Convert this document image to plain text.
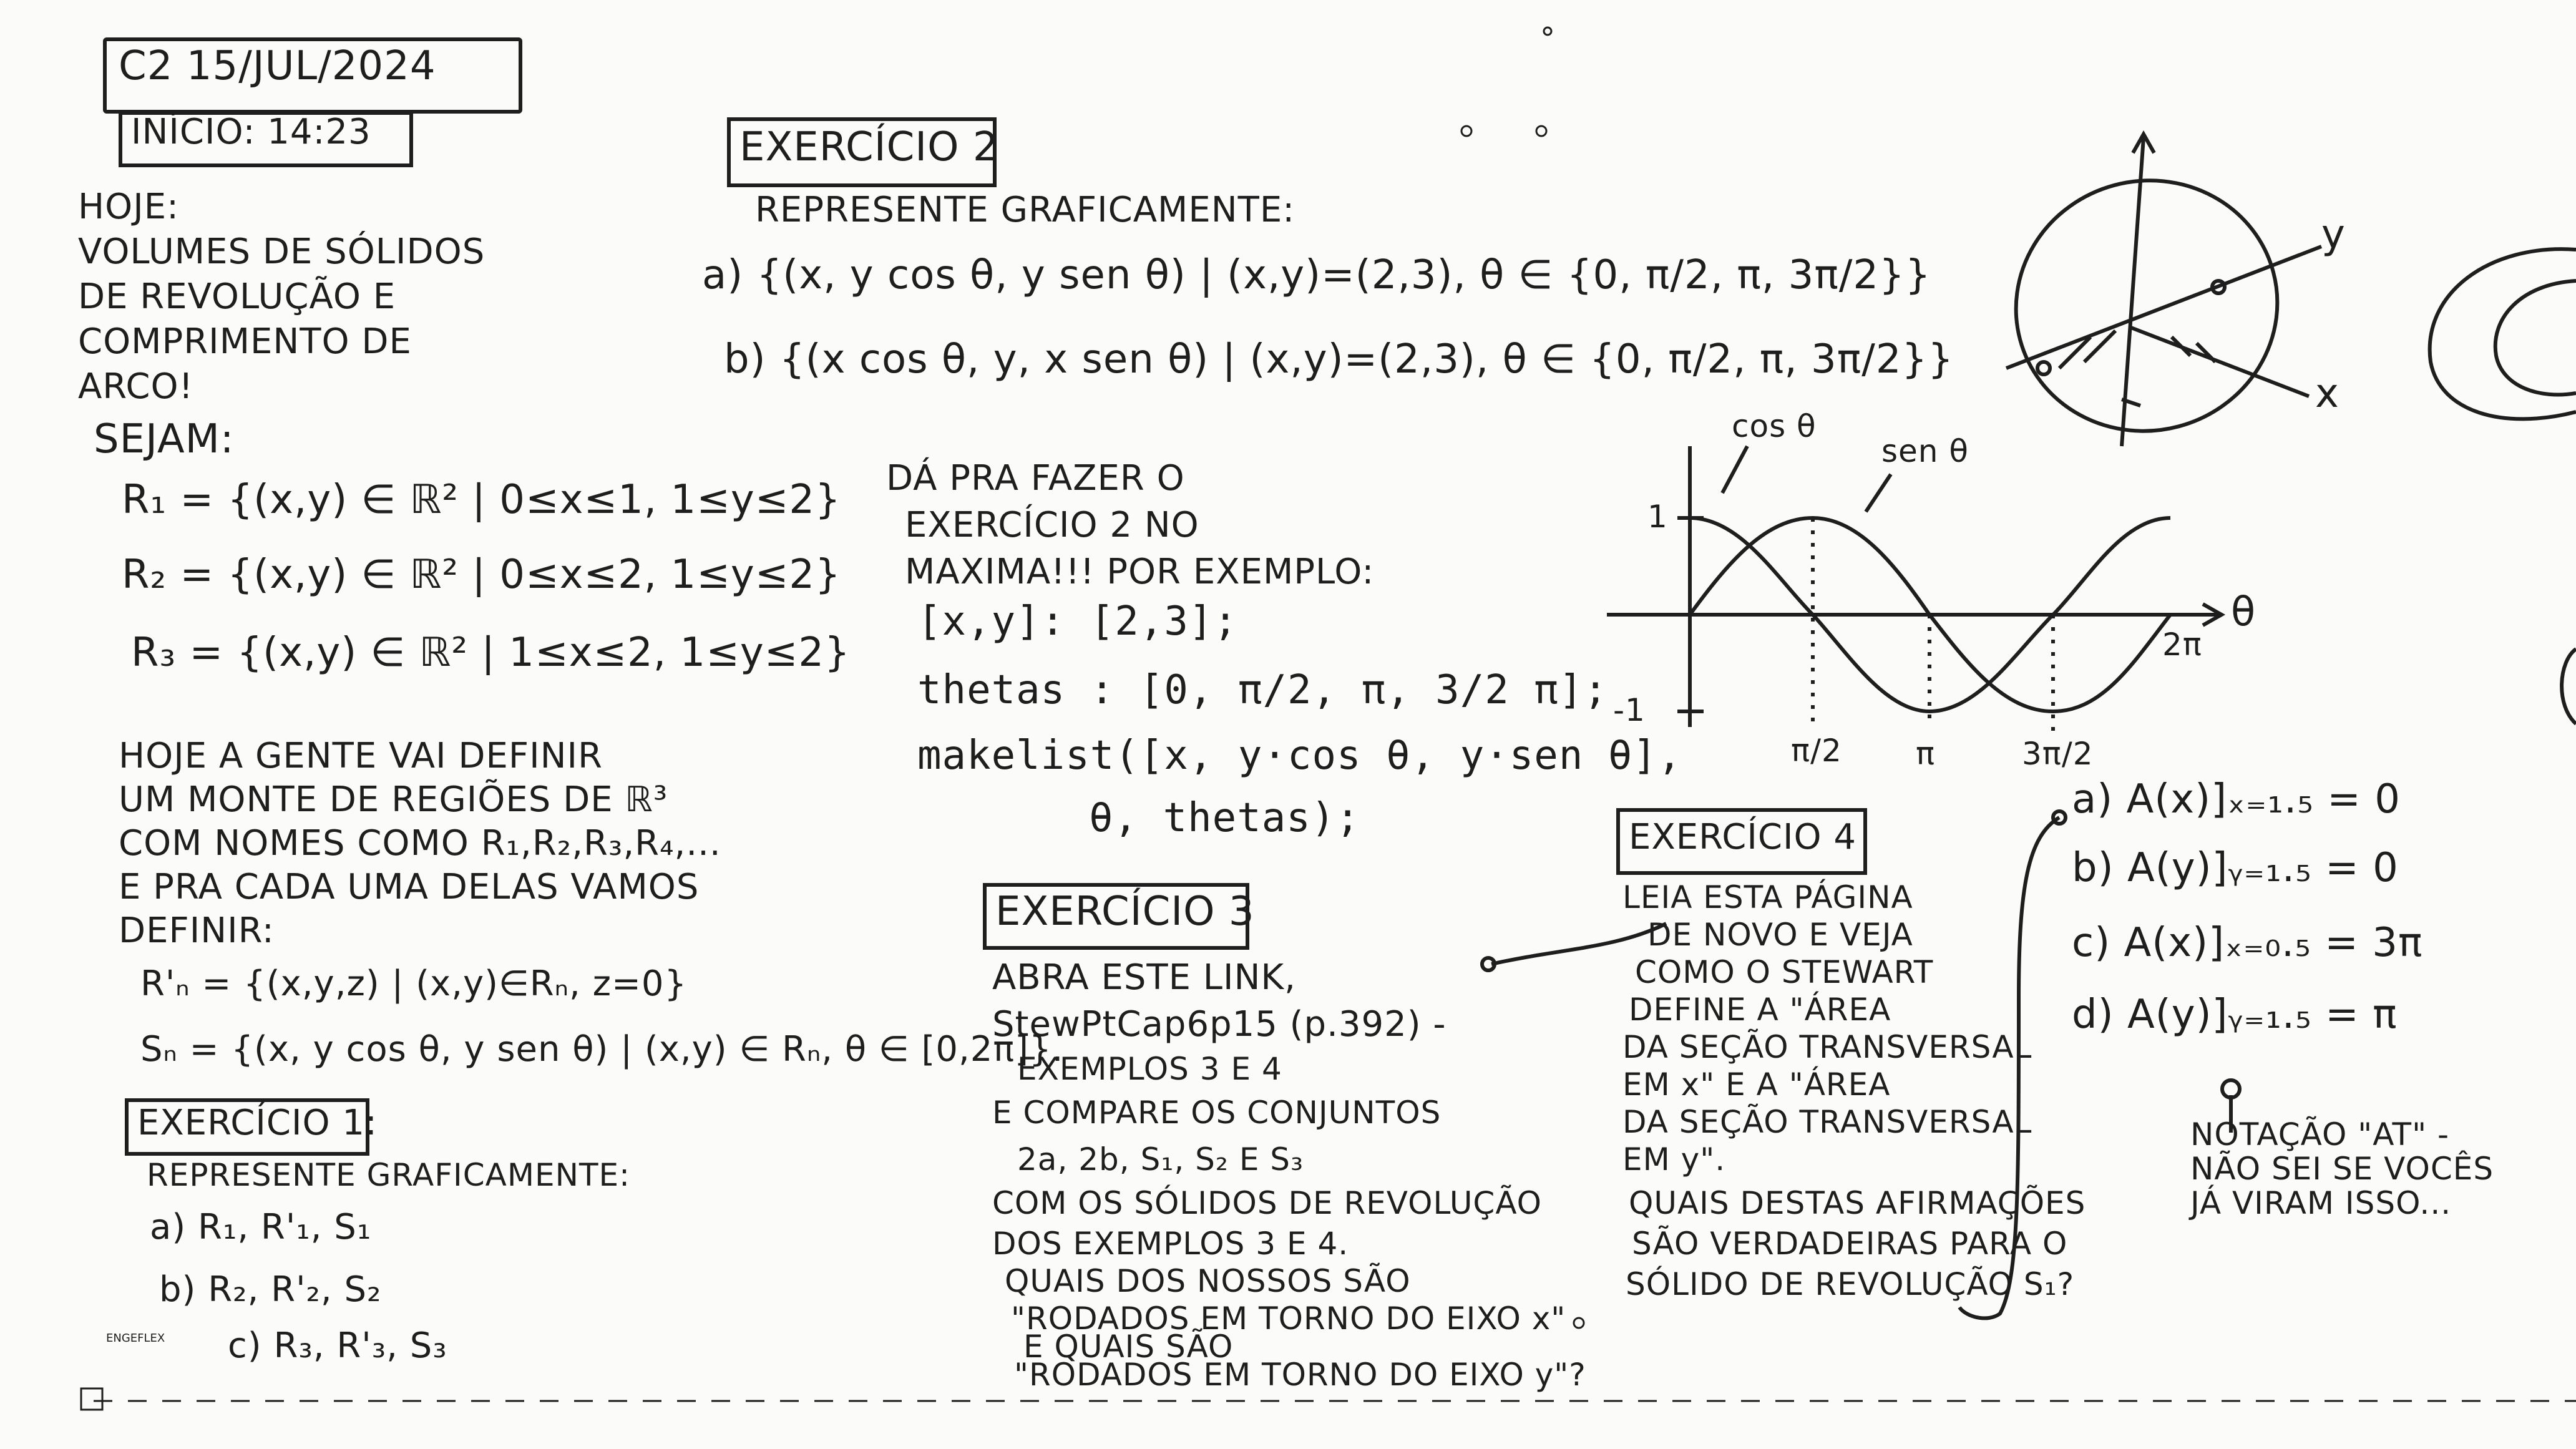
C2 15/JUL/2024
INÍCIO: 14:23
HOJE:
VOLUMES DE SÓLIDOS
DE REVOLUÇÃO E
COMPRIMENTO DE
ARCO!
SEJAM:
R₁ = {(x,y) ∈ ℝ² | 0≤x≤1, 1≤y≤2}
R₂ = {(x,y) ∈ ℝ² | 0≤x≤2, 1≤y≤2}
R₃ = {(x,y) ∈ ℝ² | 1≤x≤2, 1≤y≤2}
HOJE A GENTE VAI DEFINIR
UM MONTE DE REGIÕES DE ℝ³
COM NOMES COMO R₁,R₂,R₃,R₄,...
E PRA CADA UMA DELAS VAMOS
DEFINIR:
R'ₙ = {(x,y,z) | (x,y)∈Rₙ, z=0}
Sₙ = {(x, y cos θ, y sen θ) | (x,y) ∈ Rₙ, θ ∈ [0,2π]}.
EXERCÍCIO 1:
REPRESENTE GRAFICAMENTE:
a) R₁, R'₁, S₁
b) R₂, R'₂, S₂
c) R₃, R'₃, S₃
ENGEFLEX
EXERCÍCIO 2
REPRESENTE GRAFICAMENTE:
a) {(x, y cos θ, y sen θ) | (x,y)=(2,3), θ ∈ {0, π/2, π, 3π/2}}
b) {(x cos θ, y, x sen θ) | (x,y)=(2,3), θ ∈ {0, π/2, π, 3π/2}}
DÁ PRA FAZER O
EXERCÍCIO 2 NO
MAXIMA!!! POR EXEMPLO:
[x,y]: [2,3];
thetas : [0, π/2, π, 3/2 π];
makelist([x, y·cos θ, y·sen θ],
θ, thetas);
EXERCÍCIO 3
ABRA ESTE LINK,
StewPtCap6p15 (p.392) -
EXEMPLOS 3 E 4
E COMPARE OS CONJUNTOS
2a, 2b, S₁, S₂ E S₃
COM OS SÓLIDOS DE REVOLUÇÃO
DOS EXEMPLOS 3 E 4.
QUAIS DOS NOSSOS SÃO
"RODADOS EM TORNO DO EIXO x"
E QUAIS SÃO
"RODADOS EM TORNO DO EIXO y"?
EXERCÍCIO 4
LEIA ESTA PÁGINA
DE NOVO E VEJA
COMO O STEWART
DEFINE A "ÁREA
DA SEÇÃO TRANSVERSAL
EM x" E A "ÁREA
DA SEÇÃO TRANSVERSAL
EM y".
QUAIS DESTAS AFIRMAÇÕES
SÃO VERDADEIRAS PARA O
SÓLIDO DE REVOLUÇÃO S₁?
a) A(x)]ₓ₌₁.₅ = 0
b) A(y)]ᵧ₌₁.₅ = 0
c) A(x)]ₓ₌₀.₅ = 3π
d) A(y)]ᵧ₌₁.₅ = π
NOTAÇÃO "AT" -
NÃO SEI SE VOCÊS
JÁ VIRAM ISSO...
cos θ
sen θ
1
-1
θ
2π
π/2 π	3π/2
y
x
